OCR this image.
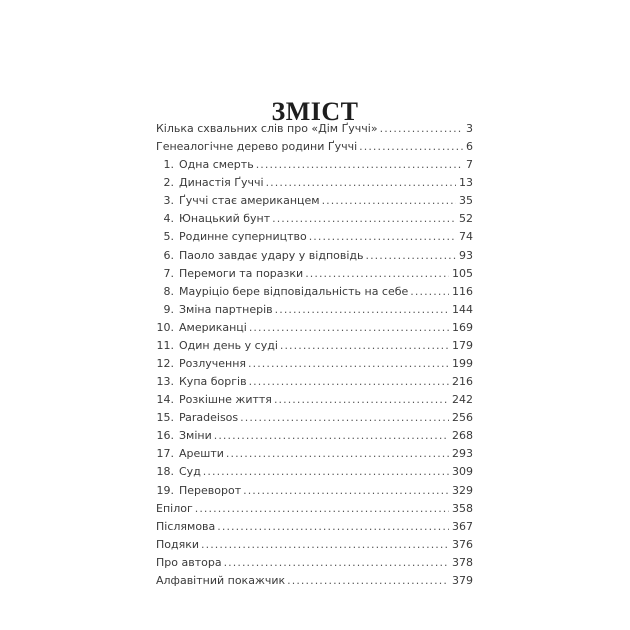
ЗМІСТ
Кілька схвальних слів про «Дім Ґуччі» . . .	3
Генеалогічне дерево родини Ґуччі . . .	6
1. Одна смерть . . .	7
2. Династія Ґуччі . . .	13
3. Ґуччі стає американцем . . .	35
4. Юнацький бунт . . .	52
5. Родинне суперництво . . .	74
6. Паоло завдає удару у відповідь . . .	93
7. Перемоги та поразки . . .	105
8. Мауріціо бере відповідальність на себе . . .	116
9. Зміна партнерів . . .	144
10. Американці . . .	169
11. Один день у суді . . .	179
12. Розлучення . . .	199
13. Купа боргів . . .	216
14. Розкішне життя . . .	242
15. Paradeisos . . .	256
16. Зміни . . .	268
17. Арешти . . .	293
18. Суд . . .	309
19. Переворот . . .	329
Епілог . . .	358
Післямова . . .	367
Подяки . . .	376
Про автора . . .	378
Алфавітний покажчик . . .	379
